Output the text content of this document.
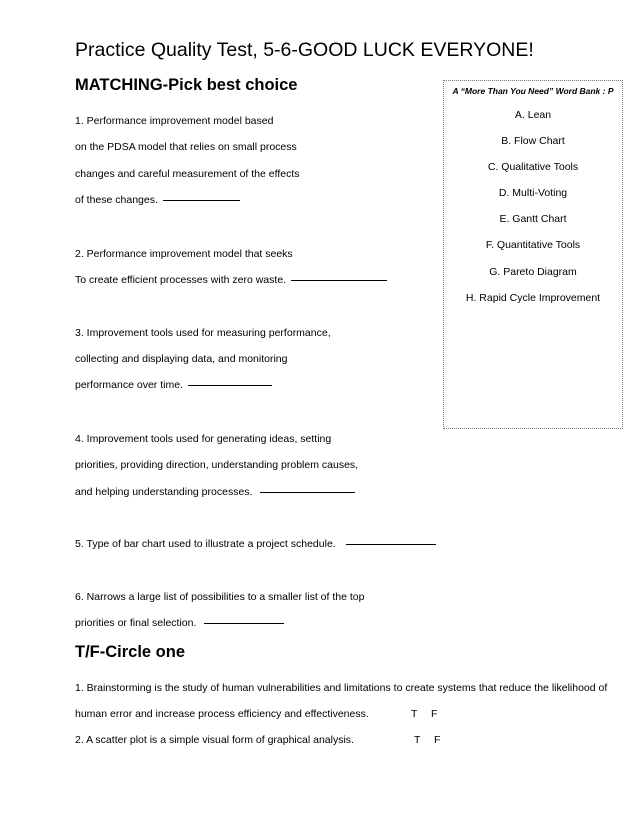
Practice Quality Test, 5-6-GOOD LUCK EVERYONE!
MATCHING-Pick best choice
1. Performance improvement model based
on the PDSA model that relies on small process
changes and careful measurement of the effects
of these changes.
2. Performance improvement model that seeks
To create efficient processes with zero waste.
3. Improvement tools used for measuring performance,
collecting and displaying data, and monitoring
performance over time.
4. Improvement tools used for generating ideas, setting
priorities, providing direction, understanding problem causes,
and helping understanding processes.
5. Type of bar chart used to illustrate a project schedule.
6. Narrows a large list of possibilities to a smaller list of the top
priorities or final selection.
A “More Than You Need” Word Bank : P
A. Lean
B. Flow Chart
C. Qualitative Tools
D. Multi-Voting
E. Gantt Chart
F. Quantitative Tools
G. Pareto Diagram
H. Rapid Cycle Improvement
T/F-Circle one
1. Brainstorming is the study of human vulnerabilities and limitations to create systems that reduce the likelihood of
human error and increase process efficiency and effectiveness.	T F
2. A scatter plot is a simple visual form of graphical analysis.	T F
